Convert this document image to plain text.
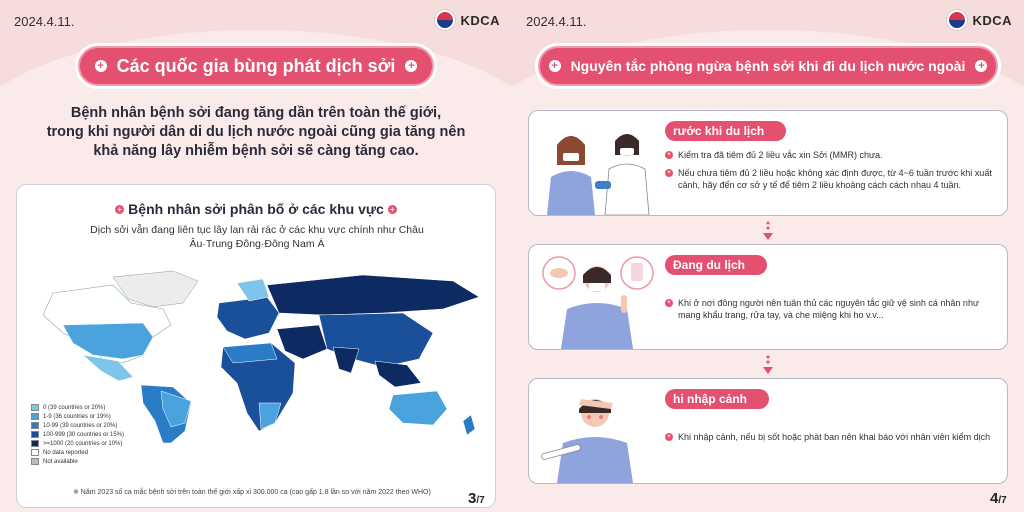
2024.4.11.	KDCA
+ Các quốc gia bùng phát dịch sởi +
Bệnh nhân bệnh sởi đang tăng dần trên toàn thế giới,
trong khi người dân di du lịch nước ngoài cũng gia tăng nên
khả năng lây nhiễm bệnh sởi sẽ càng tăng cao.
+ Bệnh nhân sởi phân bố ở các khu vực +
Dịch sởi vẫn đang liên tục lây lan rải rác ở các khu vực chính như Châu
Âu·Trung Đông·Đông Nam Á
0 (39 countries or 20%)
1-9 (36 countries or 19%)
10-99 (39 countries or 20%)
100-999 (30 countries or 15%)
>=1000 (20 countries or 10%)
No data reported
Not available
※ Năm 2023 số ca mắc bệnh sởi trên toàn thế giới xấp xỉ 300.000 ca (cao gấp 1.8 lần so với năm 2022 theo WHO) 3/7
2024.4.11.	KDCA
+ Nguyên tắc phòng ngừa bệnh sởi khi đi du lịch nước ngoài +
rước khi du lịch
+ Kiểm tra đã tiêm đủ 2 liều vắc xin Sởi (MMR) chưa.
+ Nếu chưa tiêm đủ 2 liều hoặc không xác định được, từ 4~6 tuần trước khi xuất cảnh, hãy đến cơ sở y tế để tiêm 2 liều khoảng cách cách nhau 4 tuần.
Đang du lịch
+ Khi ở nơi đông người nên tuân thủ các nguyên tắc giữ vệ sinh cá nhân như mang khẩu trang, rửa tay, và che miệng khi ho v.v...
hi nhập cảnh
+ Khi nhập cảnh, nếu bị sốt hoặc phát ban nên khai báo với nhân viên kiểm dịch
4/7
